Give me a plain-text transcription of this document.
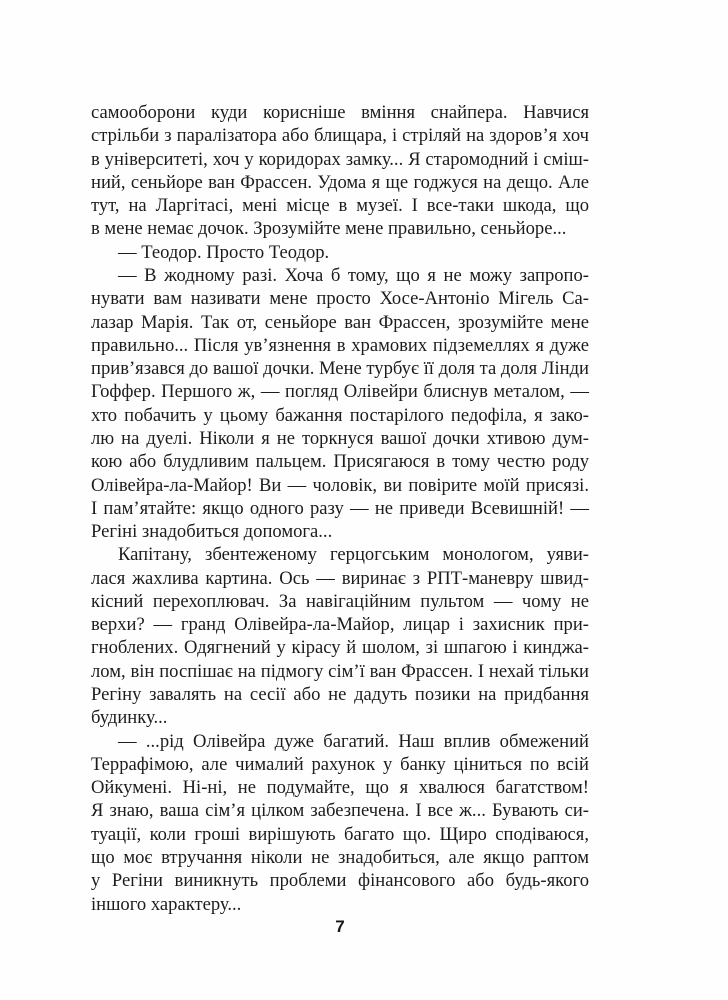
самооборони куди корисніше вміння снайпера. Навчися
стрільби з паралізатора або блищара, і стріляй на здоров’я хоч
в університеті, хоч у коридорах замку... Я старомодний і сміш-
ний, сеньйоре ван Фрассен. Удома я ще годжуся на дещо. Але
тут, на Ларгітасі, мені місце в музеї. І все-таки шкода, що
в мене немає дочок. Зрозумійте мене правильно, сеньйоре...
— Теодор. Просто Теодор.
— В жодному разі. Хоча б тому, що я не можу запропо-
нувати вам називати мене просто Хосе-Антоніо Мігель Са-
лазар Марія. Так от, сеньйоре ван Фрассен, зрозумійте мене
правильно... Після ув’язнення в храмових підземеллях я дуже
прив’язався до вашої дочки. Мене турбує її доля та доля Лінди
Гоффер. Першого ж, — погляд Олівейри блиснув металом, —
хто побачить у цьому бажання постарілого педофіла, я зако-
лю на дуелі. Ніколи я не торкнуся вашої дочки хтивою дум-
кою або блудливим пальцем. Присягаюся в тому честю роду
Олівейра-ла-Майор! Ви — чоловік, ви повірите моїй присязі.
І пам’ятайте: якщо одного разу — не приведи Всевишній! —
Регіні знадобиться допомога...
Капітану, збентеженому герцогським монологом, уяви-
лася жахлива картина. Ось — виринає з РПТ-маневру швид-
кісний перехоплювач. За навігаційним пультом — чому не
верхи? — гранд Олівейра-ла-Майор, лицар і захисник при-
гноблених. Одягнений у кірасу й шолом, зі шпагою і кинджа-
лом, він поспішає на підмогу сім’ї ван Фрассен. І нехай тільки
Регіну завалять на сесії або не дадуть позики на придбання
будинку...
— ...рід Олівейра дуже багатий. Наш вплив обмежений
Террафімою, але чималий рахунок у банку ціниться по всій
Ойкумені. Ні-ні, не подумайте, що я хвалюся багатством!
Я знаю, ваша сім’я цілком забезпечена. І все ж... Бувають си-
туації, коли гроші вирішують багато що. Щиро сподіваюся,
що моє втручання ніколи не знадобиться, але якщо раптом
у Регіни виникнуть проблеми фінансового або будь-якого
іншого характеру...
7
